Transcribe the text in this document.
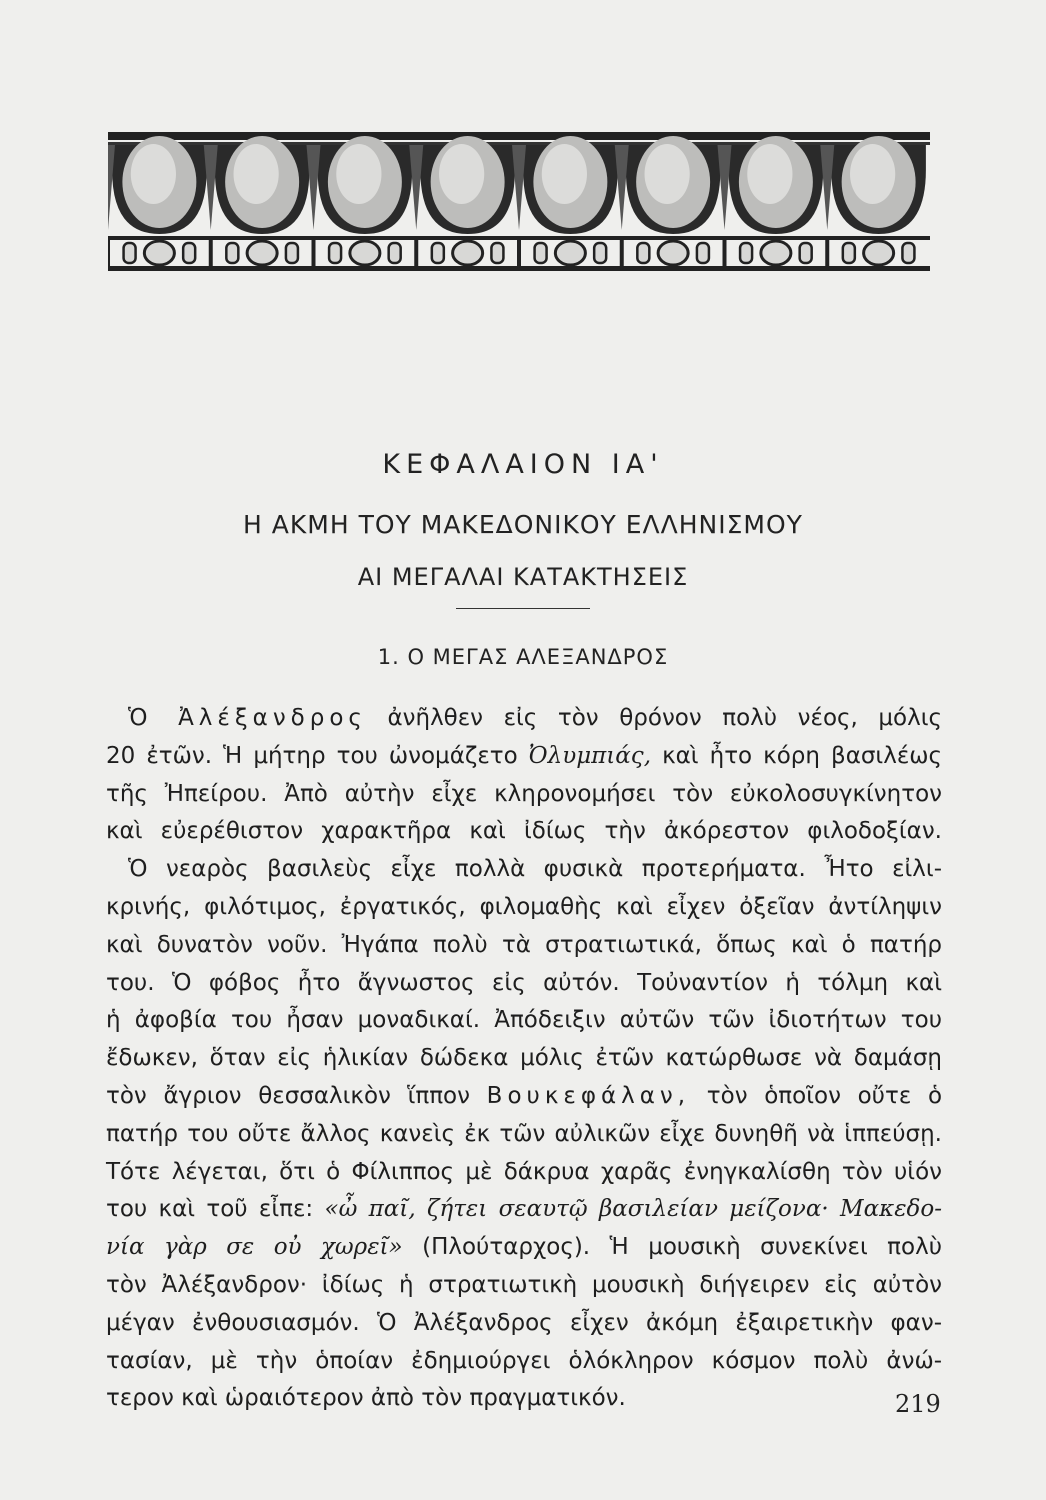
ΚΕΦΑΛΑΙΟΝ ΙΑ'
Η ΑΚΜΗ ΤΟΥ ΜΑΚΕΔΟΝΙΚΟΥ ΕΛΛΗΝΙΣΜΟΥ
ΑΙ ΜΕΓΑΛΑΙ ΚΑΤΑΚΤΗΣΕΙΣ
1. Ο ΜΕΓΑΣ ΑΛΕΞΑΝΔΡΟΣ
Ὁ Ἀλέξανδρος ἀνῆλθεν εἰς τὸν θρόνον πολὺ νέος, μόλις
20 ἐτῶν. Ἡ μήτηρ του ὠνομάζετο Ὀλυμπιάς, καὶ ἦτο κόρη βασιλέως
τῆς Ἠπείρου. Ἀπὸ αὐτὴν εἶχε κληρονομήσει τὸν εὐκολοσυγκίνητον
καὶ εὐερέθιστον χαρακτῆρα καὶ ἰδίως τὴν ἀκόρεστον φιλοδοξίαν.
Ὁ νεαρὸς βασιλεὺς εἶχε πολλὰ φυσικὰ προτερήματα. Ἦτο εἰλι-
κρινής, φιλότιμος, ἐργατικός, φιλομαθὴς καὶ εἶχεν ὀξεῖαν ἀντίληψιν
καὶ δυνατὸν νοῦν. Ἠγάπα πολὺ τὰ στρατιωτικά, ὅπως καὶ ὁ πατήρ
του. Ὁ φόβος ἦτο ἄγνωστος εἰς αὐτόν. Τοὐναντίον ἡ τόλμη καὶ
ἡ ἀφοβία του ἦσαν μοναδικαί. Ἀπόδειξιν αὐτῶν τῶν ἰδιοτήτων του
ἔδωκεν, ὅταν εἰς ἡλικίαν δώδεκα μόλις ἐτῶν κατώρθωσε νὰ δαμάσῃ
τὸν ἄγριον θεσσαλικὸν ἵππον Βουκεφάλαν, τὸν ὁποῖον οὔτε ὁ
πατήρ του οὔτε ἄλλος κανεὶς ἐκ τῶν αὐλικῶν εἶχε δυνηθῆ νὰ ἱππεύσῃ.
Τότε λέγεται, ὅτι ὁ Φίλιππος μὲ δάκρυα χαρᾶς ἐνηγκαλίσθη τὸν υἱόν
του καὶ τοῦ εἶπε: «ὦ παῖ, ζήτει σεαυτῷ βασιλείαν μείζονα· Μακεδο-
νία γὰρ σε οὐ χωρεῖ» (Πλούταρχος). Ἡ μουσικὴ συνεκίνει πολὺ
τὸν Ἀλέξανδρον· ἰδίως ἡ στρατιωτικὴ μουσικὴ διήγειρεν εἰς αὐτὸν
μέγαν ἐνθουσιασμόν. Ὁ Ἀλέξανδρος εἶχεν ἀκόμη ἐξαιρετικὴν φαν-
τασίαν, μὲ τὴν ὁποίαν ἐδημιούργει ὁλόκληρον κόσμον πολὺ ἀνώ-
τερον καὶ ὡραιότερον ἀπὸ τὸν πραγματικόν.	219
